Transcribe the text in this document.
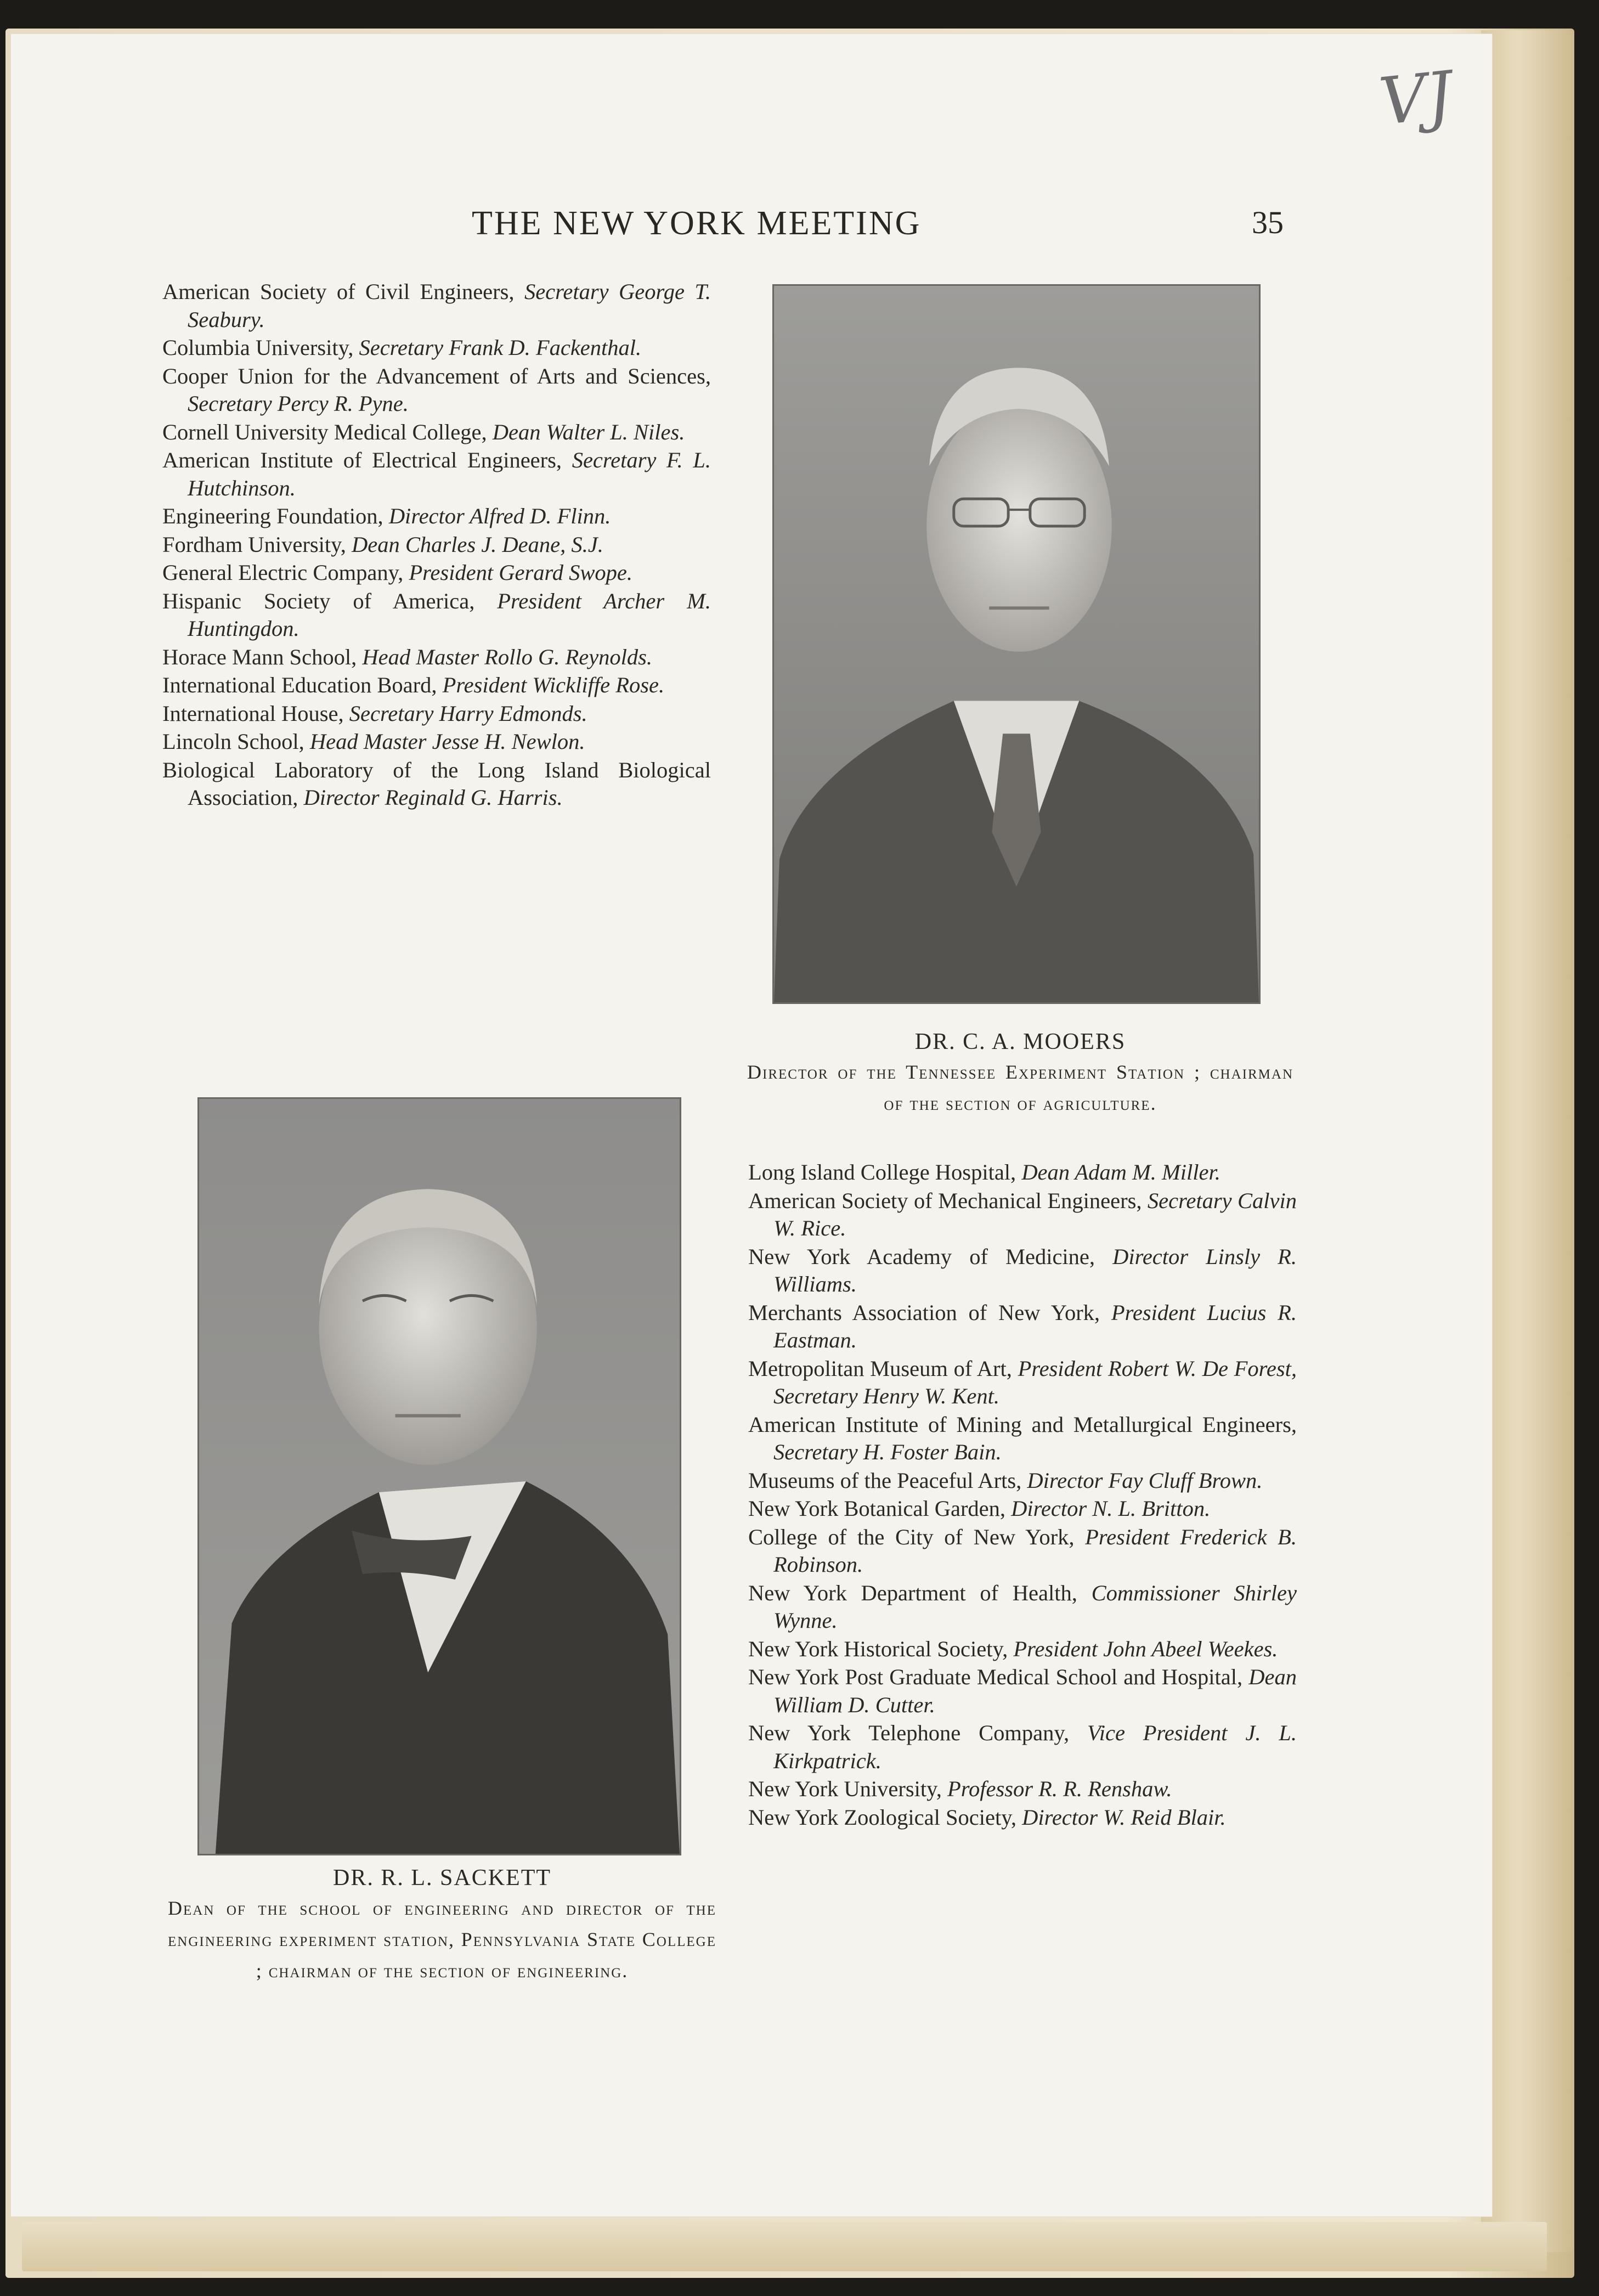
VJ
THE NEW YORK MEETING	35

American Society of Civil Engineers, Secretary George T. Seabury.

Columbia University, Secretary Frank D. Fackenthal.

Cooper Union for the Advancement of Arts and Sciences, Secretary Percy R. Pyne.

Cornell University Medical College, Dean Walter L. Niles.

American Institute of Electrical Engineers, Secretary F. L. Hutchinson.

Engineering Foundation, Director Alfred D. Flinn.

Fordham University, Dean Charles J. Deane, S.J.

General Electric Company, President Gerard Swope.

Hispanic Society of America, President Archer M. Huntingdon.

Horace Mann School, Head Master Rollo G. Reynolds.

International Education Board, President Wickliffe Rose.

International House, Secretary Harry Edmonds.

Lincoln School, Head Master Jesse H. Newlon.

Biological Laboratory of the Long Island Biological Association, Director Reginald G. Harris.

DR. C. A. MOOERS
Director of the Tennessee Experiment Station ; chairman of the section of agriculture.
DR. R. L. SACKETT
Dean of the school of engineering and director of the engineering experiment station, Pennsylvania State College ; chairman of the section of engineering.

Long Island College Hospital, Dean Adam M. Miller.

American Society of Mechanical Engineers, Secretary Calvin W. Rice.

New York Academy of Medicine, Director Linsly R. Williams.

Merchants Association of New York, President Lucius R. Eastman.

Metropolitan Museum of Art, President Robert W. De Forest, Secretary Henry W. Kent.

American Institute of Mining and Metallurgical Engineers, Secretary H. Foster Bain.

Museums of the Peaceful Arts, Director Fay Cluff Brown.

New York Botanical Garden, Director N. L. Britton.

College of the City of New York, President Frederick B. Robinson.

New York Department of Health, Commissioner Shirley Wynne.

New York Historical Society, President John Abeel Weekes.

New York Post Graduate Medical School and Hospital, Dean William D. Cutter.

New York Telephone Company, Vice President J. L. Kirkpatrick.

New York University, Professor R. R. Renshaw.

New York Zoological Society, Director W. Reid Blair.
